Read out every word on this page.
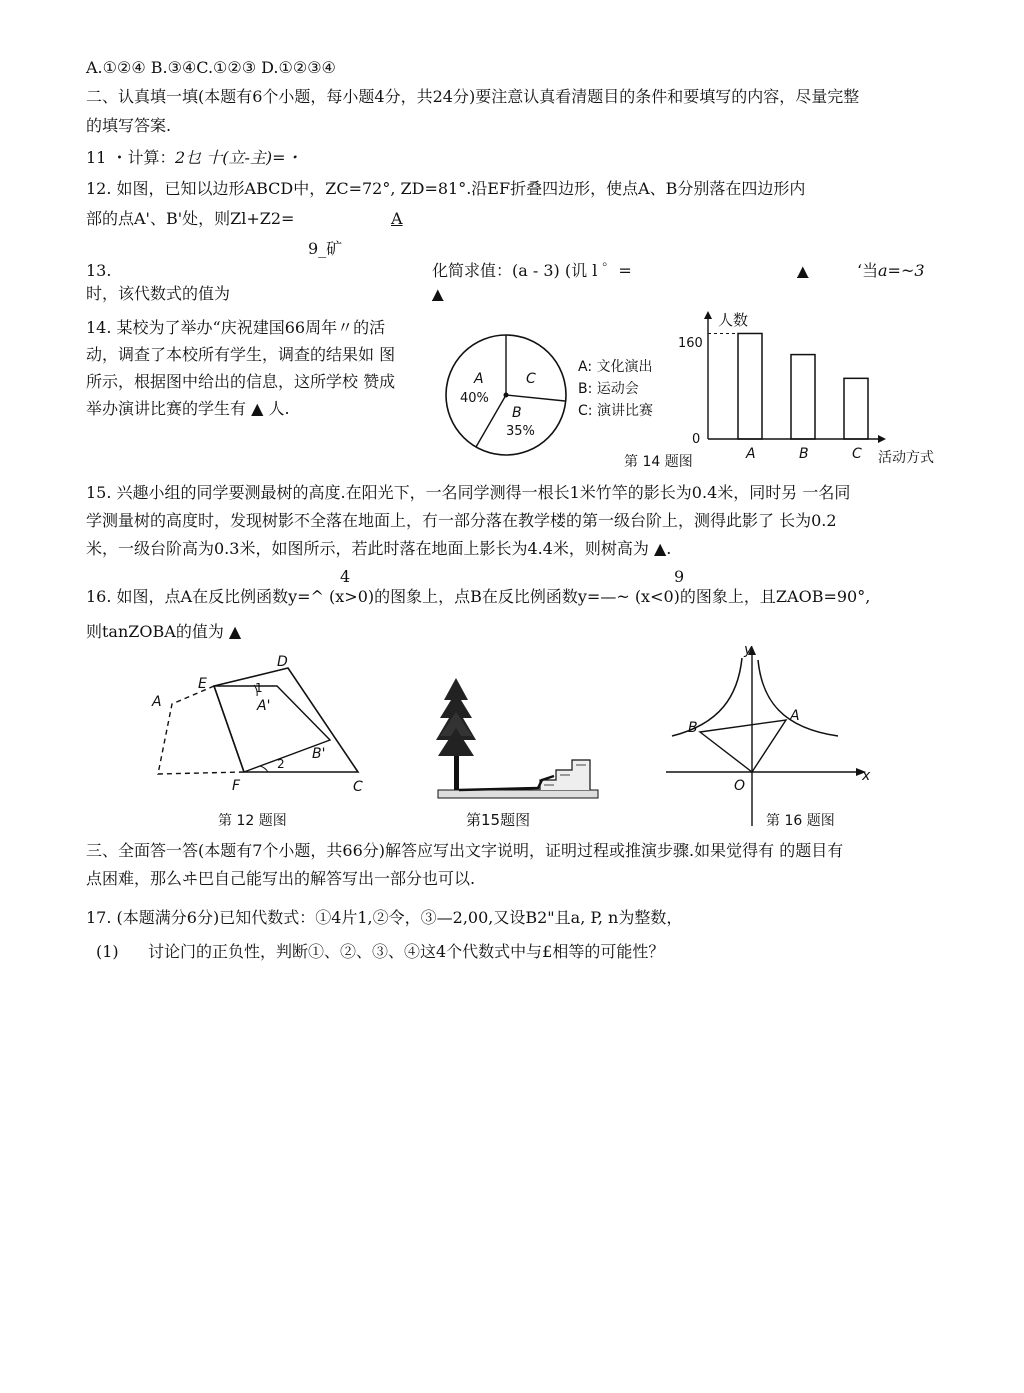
A.①②④ B.③④C.①②③ D.①②③④
二、认真填一填(本题有6个小题，每小题4分，共24分)要注意认真看清题目的条件和要填写的内容，尽量完整
的填写答案.
11 ・计算： 2乜 十(立-主)=・
12. 如图，已知以边形ABCD中，ZC=72°, ZD=81°.沿EF折叠四边形，使点A、B分别落在四边形内
部的点A'、B'处，则Zl+Z2=	A
9_矿
13.	化简求值：(a - 3) (讥 l ゜=	▲	‘当 a=~3
时，该代数式的值为	▲
14. 某校为了举办“庆祝建国66周年〃的活
动，调查了本校所有学生，调查的结果如 图
所示，根据图中给出的信息，这所学校 赞成
举办演讲比赛的学生有 ▲ 人.
A
40%
C
B
35%
A: 文化演出
B: 运动会
C: 演讲比赛
人数
活动方式
160
0
A	B	C
第 14 题图
15. 兴趣小组的同学要测最树的高度.在阳光下，一名同学测得一根长1米竹竿的影长为0.4米，同时另 一名同
学测量树的高度时，发现树影不全落在地面上，冇一部分落在教学楼的第一级台阶上，测得此影了 长为0.2
米，一级台阶高为0.3米，如图所示，若此时落在地面上影长为4.4米，则树高为 ▲.
4	9
16. 如图，点A在反比例函数y=^ (x>0)的图象上，点B在反比例函数y=—~ (x<0)的图象上，且ZAOB=90°,
则tanZOBA的值为 ▲
A
E
D
1
A'
B'
2
F	C
第 12 题图	第15题图
y
A
B
O
x
第 16 题图
三、全面答一答(本题有7个小题，共66分)解答应写出文字说明，证明过程或推演步骤.如果觉得有 的题目有
点困难，那么ヰ巴自己能写出的解答写出一部分也可以.
17. (本题满分6分)已知代数式：①4片1,②令，③—2,00,又设B2"且a, P, n为整数，
(1) 讨论门的正负性，判断①、②、③、④这4个代数式中与£相等的可能性？
